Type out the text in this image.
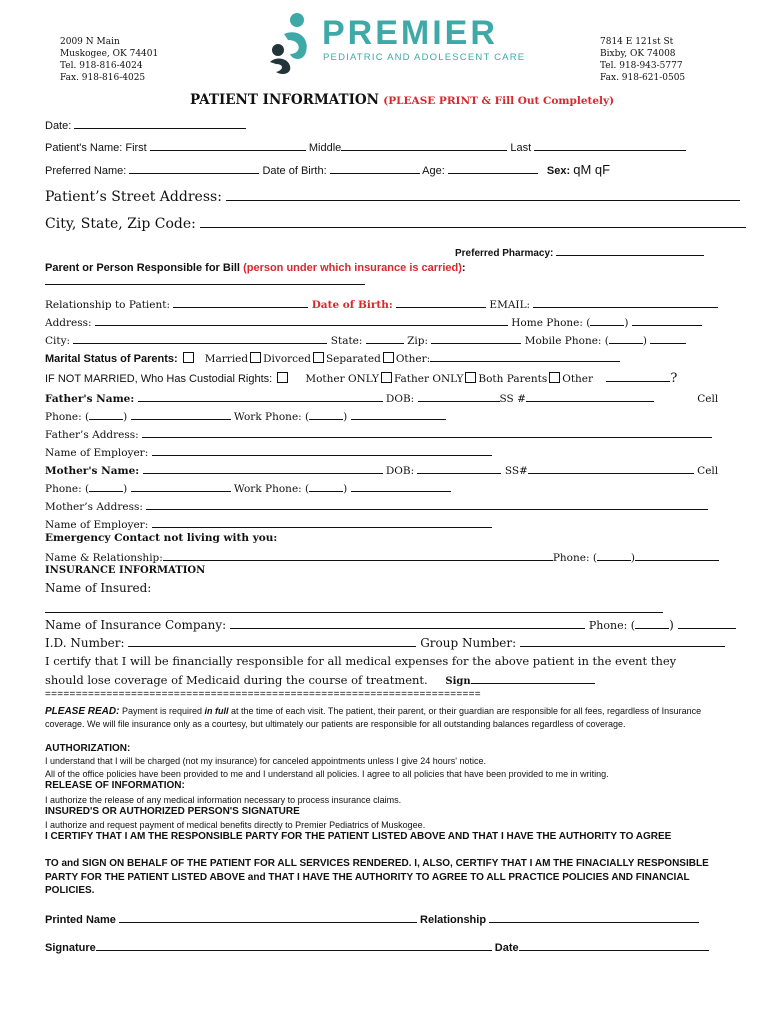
2009 N Main
Muskogee, OK 74401
Tel. 918-816-4024
Fax. 918-816-4025
PREMIER
PEDIATRIC AND ADOLESCENT CARE
7814 E 121st St
Bixby, OK 74008
Tel. 918-943-5777
Fax. 918-621-0505
PATIENT INFORMATION (PLEASE PRINT & Fill Out Completely)
Date:
Patient's Name: First	Middle	Last
Preferred Name:	Date of Birth:	Age:	Sex: qM qF
Patient’s Street Address:
City, State, Zip Code:
Preferred Pharmacy:
Parent or Person Responsible for Bill (person under which insurance is carried):
Relationship to Patient:	Date of Birth:	EMAIL:
Address:	Home Phone: (	)
City:	State:	Zip:	Mobile Phone: (	)
Marital Status of Parents:	Married Divorced Separated Other:
IF NOT MARRIED, Who Has Custodial Rights:	Mother ONLY Father ONLY Both Parents Other	?
Father's Name:	DOB:	SS #	Cell
Phone: (	)	Work Phone: (	)
Father’s Address:
Name of Employer:
Mother's Name:	DOB:	SS#	Cell
Phone: (	)	Work Phone: (	)
Mother’s Address:
Name of Employer:
Emergency Contact not living with you:
Name & Relationship:	Phone: (	)
INSURANCE INFORMATION
Name of Insured:
Name of Insurance Company:	Phone: (	)
I.D. Number:	Group Number:
I certify that I will be financially responsible for all medical expenses for the above patient in the event they
should lose coverage of Medicaid during the course of treatment. Sign
=======================================================================
PLEASE READ: Payment is required in full at the time of each visit. The patient, their parent, or their guardian are responsible for all fees, regardless of Insurance coverage. We will file insurance only as a courtesy, but ultimately our patients are responsible for all outstanding balances regardless of coverage.
AUTHORIZATION:
I understand that I will be charged (not my insurance) for canceled appointments unless I give 24 hours' notice.
All of the office policies have been provided to me and I understand all policies. I agree to all policies that have been provided to me in writing.
RELEASE OF INFORMATION:
I authorize the release of any medical information necessary to process insurance claims.
INSURED'S OR AUTHORIZED PERSON'S SIGNATURE
I authorize and request payment of medical benefits directly to Premier Pediatrics of Muskogee.
I CERTIFY THAT I AM THE RESPONSIBLE PARTY FOR THE PATIENT LISTED ABOVE AND THAT I HAVE THE AUTHORITY TO AGREE
TO and SIGN ON BEHALF OF THE PATIENT FOR ALL SERVICES RENDERED. I, ALSO, CERTIFY THAT I AM THE FINACIALLY RESPONSIBLE PARTY FOR THE PATIENT LISTED ABOVE and THAT I HAVE THE AUTHORITY TO AGREE TO ALL PRACTICE POLICIES AND FINANCIAL POLICIES.
Printed Name	Relationship
Signature	Date
